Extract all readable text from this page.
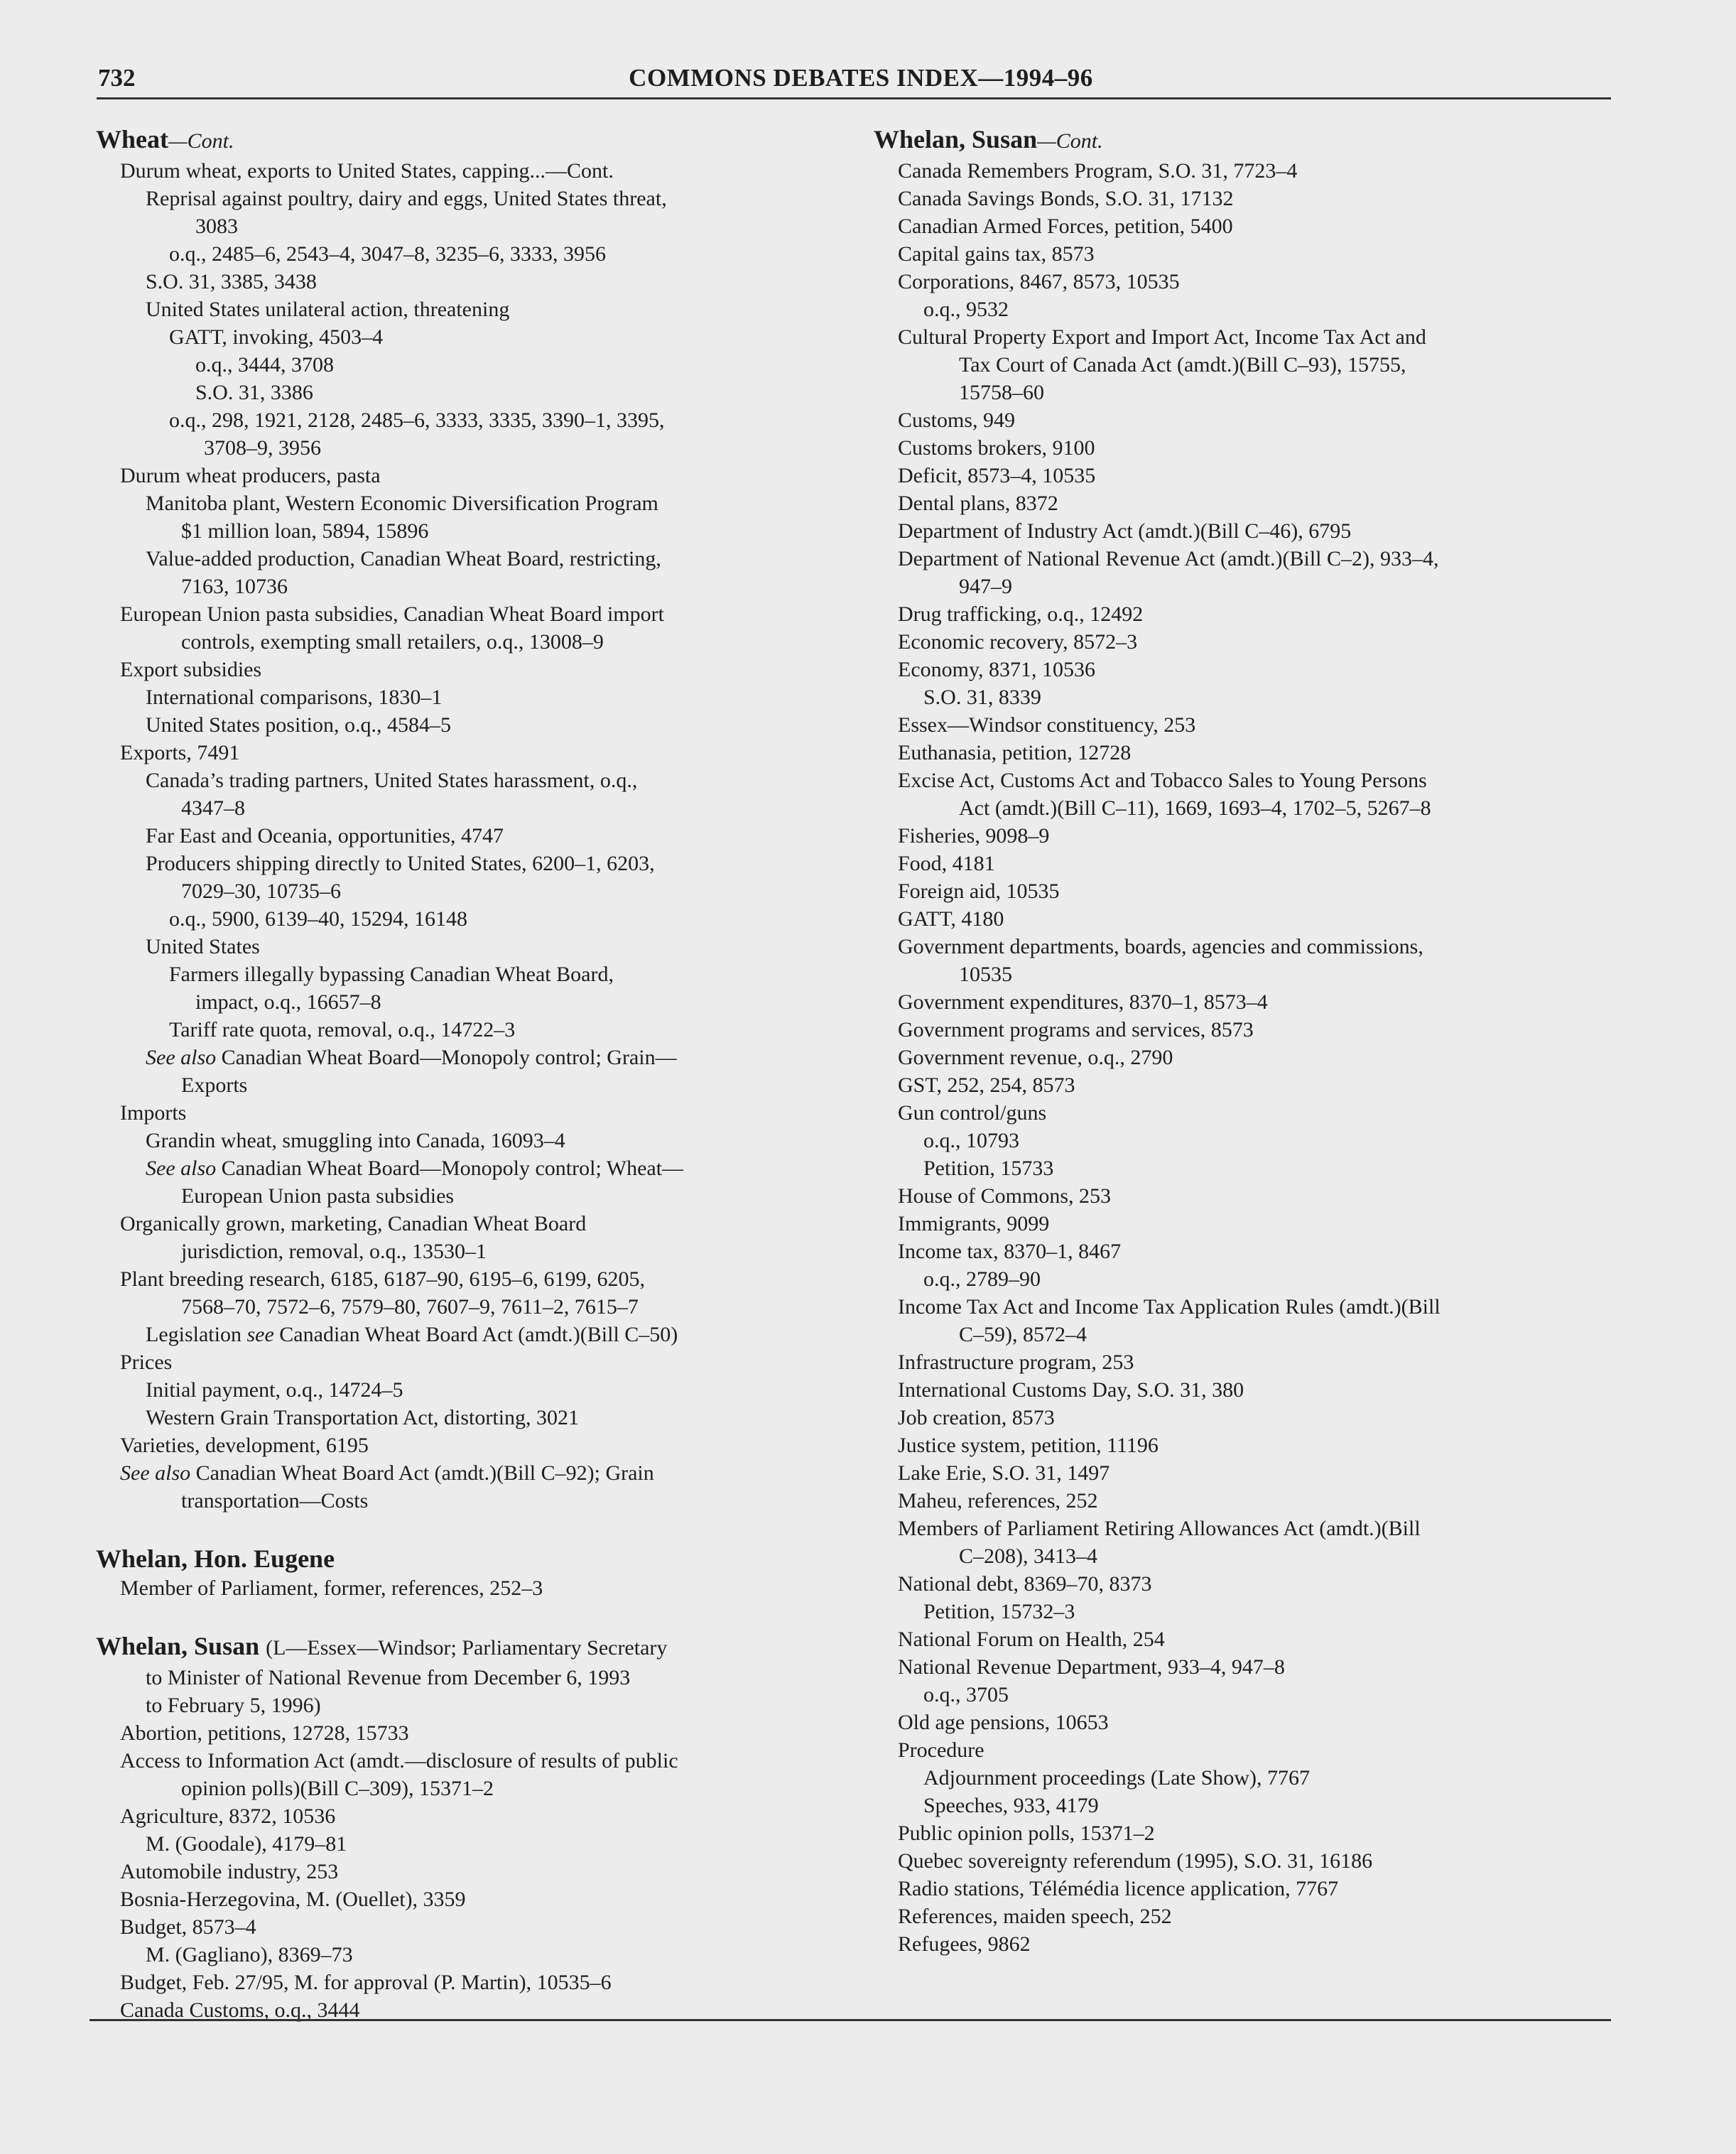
732	COMMONS DEBATES INDEX—1994–96
Wheat—Cont.
Durum wheat, exports to United States, capping...—Cont.
Reprisal against poultry, dairy and eggs, United States threat,
3083
o.q., 2485–6, 2543–4, 3047–8, 3235–6, 3333, 3956
S.O. 31, 3385, 3438
United States unilateral action, threatening
GATT, invoking, 4503–4
o.q., 3444, 3708
S.O. 31, 3386
o.q., 298, 1921, 2128, 2485–6, 3333, 3335, 3390–1, 3395,
3708–9, 3956
Durum wheat producers, pasta
Manitoba plant, Western Economic Diversification Program
$1 million loan, 5894, 15896
Value-added production, Canadian Wheat Board, restricting,
7163, 10736
European Union pasta subsidies, Canadian Wheat Board import
controls, exempting small retailers, o.q., 13008–9
Export subsidies
International comparisons, 1830–1
United States position, o.q., 4584–5
Exports, 7491
Canada’s trading partners, United States harassment, o.q.,
4347–8
Far East and Oceania, opportunities, 4747
Producers shipping directly to United States, 6200–1, 6203,
7029–30, 10735–6
o.q., 5900, 6139–40, 15294, 16148
United States
Farmers illegally bypassing Canadian Wheat Board,
impact, o.q., 16657–8
Tariff rate quota, removal, o.q., 14722–3
See also Canadian Wheat Board—Monopoly control; Grain—
Exports
Imports
Grandin wheat, smuggling into Canada, 16093–4
See also Canadian Wheat Board—Monopoly control; Wheat—
European Union pasta subsidies
Organically grown, marketing, Canadian Wheat Board
jurisdiction, removal, o.q., 13530–1
Plant breeding research, 6185, 6187–90, 6195–6, 6199, 6205,
7568–70, 7572–6, 7579–80, 7607–9, 7611–2, 7615–7
Legislation see Canadian Wheat Board Act (amdt.)(Bill C–50)
Prices
Initial payment, o.q., 14724–5
Western Grain Transportation Act, distorting, 3021
Varieties, development, 6195
See also Canadian Wheat Board Act (amdt.)(Bill C–92); Grain
transportation—Costs
Whelan, Hon. Eugene
Member of Parliament, former, references, 252–3
Whelan, Susan (L—Essex—Windsor; Parliamentary Secretary
to Minister of National Revenue from December 6, 1993
to February 5, 1996)
Abortion, petitions, 12728, 15733
Access to Information Act (amdt.—disclosure of results of public
opinion polls)(Bill C–309), 15371–2
Agriculture, 8372, 10536
M. (Goodale), 4179–81
Automobile industry, 253
Bosnia-Herzegovina, M. (Ouellet), 3359
Budget, 8573–4
M. (Gagliano), 8369–73
Budget, Feb. 27/95, M. for approval (P. Martin), 10535–6
Canada Customs, o.q., 3444
Whelan, Susan—Cont.
Canada Remembers Program, S.O. 31, 7723–4
Canada Savings Bonds, S.O. 31, 17132
Canadian Armed Forces, petition, 5400
Capital gains tax, 8573
Corporations, 8467, 8573, 10535
o.q., 9532
Cultural Property Export and Import Act, Income Tax Act and
Tax Court of Canada Act (amdt.)(Bill C–93), 15755,
15758–60
Customs, 949
Customs brokers, 9100
Deficit, 8573–4, 10535
Dental plans, 8372
Department of Industry Act (amdt.)(Bill C–46), 6795
Department of National Revenue Act (amdt.)(Bill C–2), 933–4,
947–9
Drug trafficking, o.q., 12492
Economic recovery, 8572–3
Economy, 8371, 10536
S.O. 31, 8339
Essex—Windsor constituency, 253
Euthanasia, petition, 12728
Excise Act, Customs Act and Tobacco Sales to Young Persons
Act (amdt.)(Bill C–11), 1669, 1693–4, 1702–5, 5267–8
Fisheries, 9098–9
Food, 4181
Foreign aid, 10535
GATT, 4180
Government departments, boards, agencies and commissions,
10535
Government expenditures, 8370–1, 8573–4
Government programs and services, 8573
Government revenue, o.q., 2790
GST, 252, 254, 8573
Gun control/guns
o.q., 10793
Petition, 15733
House of Commons, 253
Immigrants, 9099
Income tax, 8370–1, 8467
o.q., 2789–90
Income Tax Act and Income Tax Application Rules (amdt.)(Bill
C–59), 8572–4
Infrastructure program, 253
International Customs Day, S.O. 31, 380
Job creation, 8573
Justice system, petition, 11196
Lake Erie, S.O. 31, 1497
Maheu, references, 252
Members of Parliament Retiring Allowances Act (amdt.)(Bill
C–208), 3413–4
National debt, 8369–70, 8373
Petition, 15732–3
National Forum on Health, 254
National Revenue Department, 933–4, 947–8
o.q., 3705
Old age pensions, 10653
Procedure
Adjournment proceedings (Late Show), 7767
Speeches, 933, 4179
Public opinion polls, 15371–2
Quebec sovereignty referendum (1995), S.O. 31, 16186
Radio stations, Télémédia licence application, 7767
References, maiden speech, 252
Refugees, 9862
